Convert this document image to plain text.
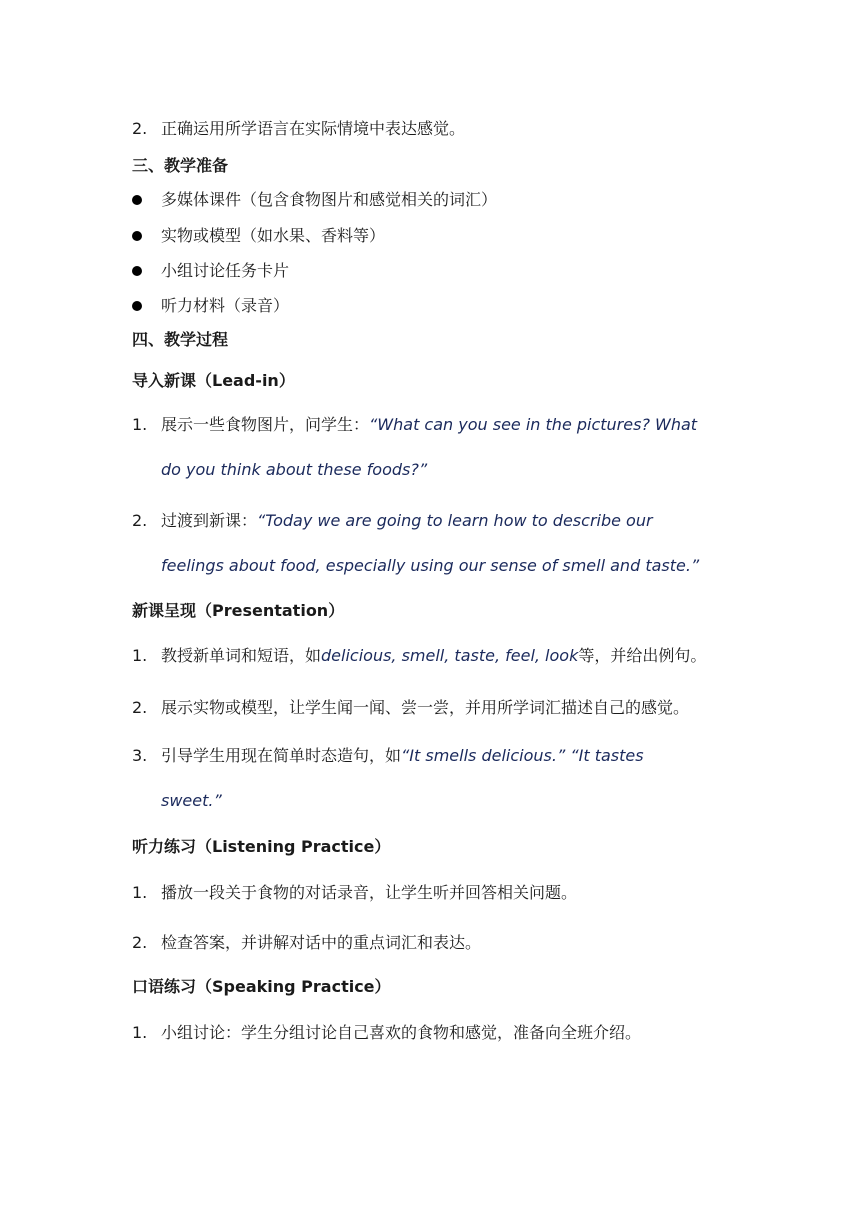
2. 正确运用所学语言在实际情境中表达感觉。
三、教学准备
多媒体课件（包含食物图片和感觉相关的词汇）
实物或模型（如水果、香料等）
小组讨论任务卡片
听力材料（录音）
四、教学过程
导入新课（Lead-in）
1. 展示一些食物图片，问学生：“What can you see in the pictures? What
do you think about these foods?”
2. 过渡到新课：“Today we are going to learn how to describe our
feelings about food, especially using our sense of smell and taste.”
新课呈现（Presentation）
1. 教授新单词和短语，如delicious, smell, taste, feel, look等，并给出例句。
2. 展示实物或模型，让学生闻一闻、尝一尝，并用所学词汇描述自己的感觉。
3. 引导学生用现在简单时态造句，如“It smells delicious.” “It tastes
sweet.”
听力练习（Listening Practice）
1. 播放一段关于食物的对话录音，让学生听并回答相关问题。
2. 检查答案，并讲解对话中的重点词汇和表达。
口语练习（Speaking Practice）
1. 小组讨论：学生分组讨论自己喜欢的食物和感觉，准备向全班介绍。
